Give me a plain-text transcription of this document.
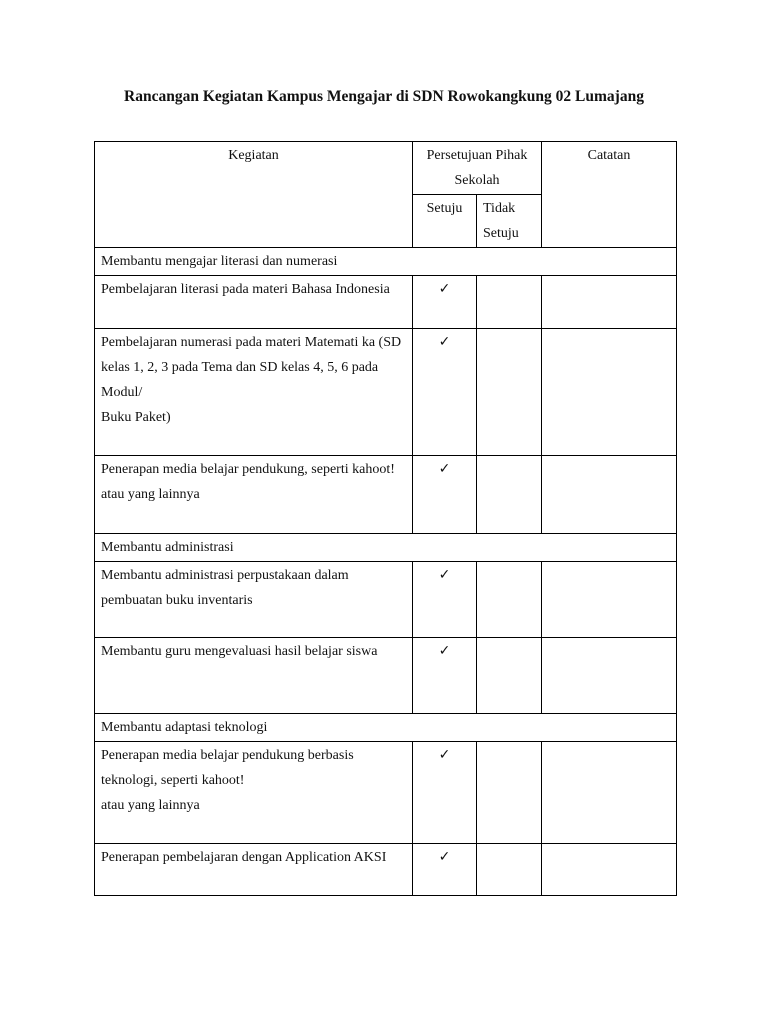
Rancangan Kegiatan Kampus Mengajar di SDN Rowokangkung 02 Lumajang
Kegiatan	Persetujuan Pihak Sekolah		Catatan
	Setuju	Tidak Setuju	
Membantu mengajar literasi dan numerasi			
Pembelajaran literasi pada materi Bahasa Indonesia	✓		
Pembelajaran numerasi pada materi Matemati ka (SD kelas 1, 2, 3 pada Tema dan SD kelas 4, 5, 6 pada Modul/
Buku Paket)	✓		
Penerapan media belajar pendukung, seperti kahoot!
atau yang lainnya	✓		
Membantu administrasi			
Membantu administrasi perpustakaan dalam pembuatan buku inventaris	✓		
Membantu guru mengevaluasi hasil belajar siswa	✓		
Membantu adaptasi teknologi			
Penerapan media belajar pendukung berbasis teknologi, seperti kahoot!
atau yang lainnya	✓		
Penerapan pembelajaran dengan Application AKSI	✓		
